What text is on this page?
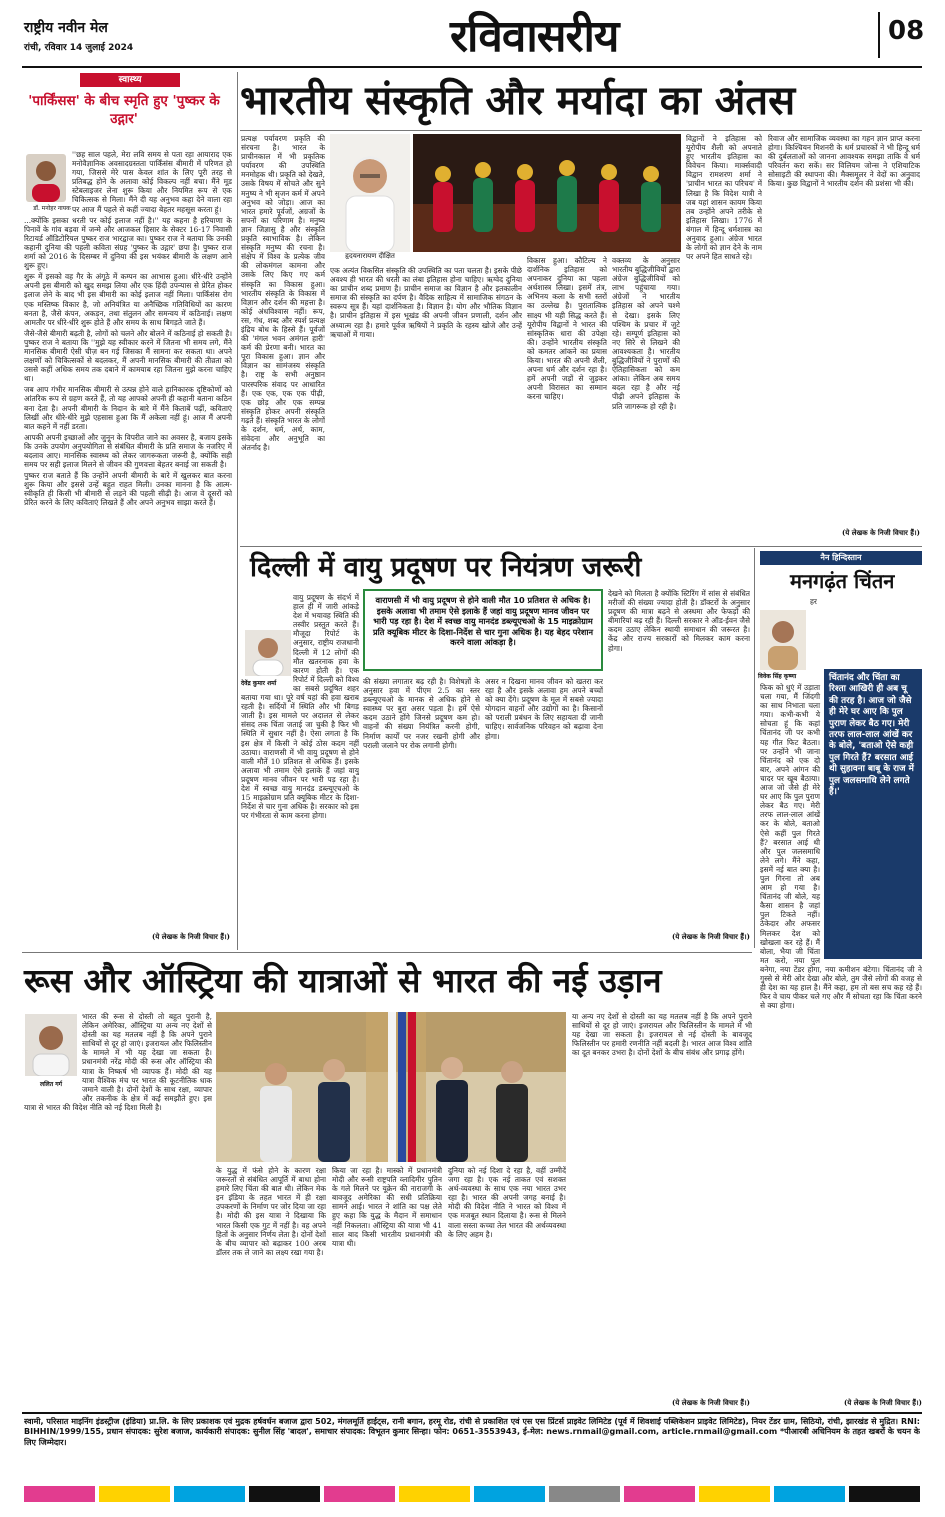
राष्ट्रीय नवीन मेल
रांची, रविवार 14 जुलाई 2024	रविवासरीय	08
स्वास्थ्य
'पार्किंसस' के बीच स्मृति हुए 'पुष्कर के उद्गार'
डॉ. मनोहर नायक

''छह साल पहले, मेरा लवि समय से पता रहा आयाराद एक मनोवैज्ञानिक अवसादग्रस्तता पार्किंसंस बीमारी में परिणत हो गया, जिससे मेरे पास केवल शांत के लिए पूरी तरह से प्रतिबद्ध होने के अलावा कोई विकल्प नहीं बचा। मैंने मूड स्टेबलाइजर लेना शुरू किया और नियमित रूप से एक चिकित्सक से मिला। मैंने दी यह अनुभव कहा देने वाला रहा पर आज मैं पहले से कहीं ज्यादा बेहतर महसूस करता हूं।

...क्योंकि इसका धरती पर कोई इलाज नहीं है।'' यह कहना है हरियाणा के पिनावें के गांव बड़वा में जन्मे और आजकल हिसार के सेक्टर 16-17 निवासी रिटायर्ड ऑडिटोरियल पुष्कर राज भारद्वाज का। पुष्कर राज ने बताया कि उनकी कहानी दुनिया की पहली कविता संग्रह 'पुष्कर के उद्गार' छपा है। पुष्कर राज शर्मा को 2016 के दिसम्बर में दुनिया की इस भयंकर बीमारी के लक्षण आने शुरू हुए।

शुरू में इसको वह गैर के अंगूठे में कम्पन का आभास हुआ। धीरे-धीरे उन्होंने अपनी इस बीमारी को खुद समझ लिया और एक हिंदी उपन्यास से प्रेरित होकर इलाज लेने के बाद भी इस बीमारी का कोई इलाज नहीं मिला। पार्किंसंस रोग एक मस्तिष्क विकार है, जो अनियंत्रित या अनैच्छिक गतिविधियों का कारण बनता है, जैसे कंपन, अकड़न, तथा संतुलन और समन्वय में कठिनाई। लक्षण आमतौर पर धीरे-धीरे शुरू होते हैं और समय के साथ बिगड़ते जाते हैं।

जैसे-जैसे बीमारी बढ़ती है, लोगों को चलने और बोलने में कठिनाई हो सकती है। पुष्कर राज ने बताया कि ''मुझे यह स्वीकार करने में जितना भी समय लगे, मैंने मानसिक बीमारी ऐसी चीज़ बन गई जिसका मैं सामना कर सकता था। अपने लक्षणों को चिकित्सकों से बदलकर, मैं अपनी मानसिक बीमारी की तीव्रता को उससे कहीं अधिक समय तक दबाने में कामयाब रहा जितना मुझे करना चाहिए था।

जब आप गंभीर मानसिक बीमारी से उत्पन्न होने वाले हानिकारक दृष्टिकोणों को आंतरिक रूप से ग्रहण करते हैं, तो यह आपको अपनी ही कहानी बताना कठिन बना देता है। अपनी बीमारी के निदान के बारे में मैंने किताबें पढ़ीं, कविताएं लिखीं और धीरे-धीरे मुझे एहसास हुआ कि मैं अकेला नहीं हूं। आज मैं अपनी बात कहने में नहीं डरता।

आपकी अपनी इच्छाओं और जुनून के विपरीत जाने का अवसर है, बजाय इसके कि उनके उपयोग अनुपयोगिता से संबंधित बीमारी के प्रति समाज के नजरिए में बदलाव आए। मानसिक स्वास्थ्य को लेकर जागरूकता जरूरी है, क्योंकि सही समय पर सही इलाज मिलने से जीवन की गुणवत्ता बेहतर बनाई जा सकती है।

पुष्कर राज बताते हैं कि उन्होंने अपनी बीमारी के बारे में खुलकर बात करना शुरू किया और इससे उन्हें बहुत राहत मिली। उनका मानना है कि आत्म-स्वीकृति ही किसी भी बीमारी से लड़ने की पहली सीढ़ी है। आज वे दूसरों को प्रेरित करने के लिए कविताएं लिखते हैं और अपने अनुभव साझा करते हैं।

(ये लेखक के निजी विचार हैं।)
भारतीय संस्कृति और मर्यादा का अंतस
प्रत्यक्ष पर्यावरण प्रकृति की संरचना है। भारत के प्राचीनकाल में भी प्रकृतिक पर्यावरण की उपस्थिति मनमोहक थी। प्रकृति को देखते, उसके विषय में सोचते और सुने मनुष्य ने भी सृजन कर्म में अपने अनुभव को जोड़ा। आज का भारत हमारे पूर्वजों, अग्रजों के सपनों का परिणाम है। मनुष्य ज्ञान जिज्ञासु है और संस्कृति प्रकृति स्वाभाविक है। लेकिन संस्कृति मनुष्य की रचना है। संक्षेप में विश्व के प्रत्येक जीव की लोकमंगल कामना और उसके लिए किए गए कर्म संस्कृति का विकास हुआ। भारतीय संस्कृति के विकास में विज्ञान और दर्शन की महत्ता है। कोई अंधविश्वास नहीं। रूप, रस, गंध, शब्द और स्पर्श प्रत्यक्ष इंद्रिय बोध के हिस्से हैं। पूर्वजों की 'मंगल भवन अमंगल हारी' कर्म की प्रेरणा बनी। भारत का पूरा विकास हुआ। ज्ञान और विज्ञान का सामंजस्य संस्कृति है। राष्ट्र के सभी अनुष्ठान पारस्परिक संवाद पर आधारित हैं। एक एक, एक एक पीढ़ी, एक छोड़ और एक सम्पन्न संस्कृति होकर अपनी संस्कृति गढ़ते हैं। संस्कृति भारत के लोगों के दर्शन, धर्म, अर्थ, काम, संवेदना और अनुभूति का अंतर्नाद है।
हृदयनारायण दीक्षित	विकास हुआ। कौटिल्य ने दार्शनिक इतिहास को अपनाकर दुनिया का पहला अर्थशास्त्र लिखा। इसमें तंत्र, अभिनय कला के सभी स्तरों का उल्लेख है। पुरातात्विक साक्ष्य भी यही सिद्ध करते हैं। यूरोपीय विद्वानों ने भारत की सांस्कृतिक धारा की उपेक्षा की। उन्होंने भारतीय संस्कृति को कमतर आंकने का प्रयास किया। भारत की अपनी शैली, अपना धर्म और दर्शन रहा है। हमें अपनी जड़ों से जुड़कर अपनी विरासत का सम्मान करना चाहिए।
एक अत्यंत विकसित संस्कृति की उपस्थिति का पता चलता है। इसके पीछे अवश्य ही भारत की धरती का लंबा इतिहास होना चाहिए। ऋग्वेद दुनिया का प्राचीन शब्द प्रमाण है। प्राचीन समाज का विज्ञान है और इतकालीन समाज की संस्कृति का दर्पण है। वैदिक साहित्य में सामाजिक संगठन के स्वरूप सूत्र हैं। यहां दार्शनिकता है। विज्ञान है। योग और भौतिक विज्ञान है। प्राचीन इतिहास में इस भूखंड की अपनी जीवन प्रणाली, दर्शन और अध्यात्म रहा है। हमारे पूर्वज ऋषियों ने प्रकृति के रहस्य खोजे और उन्हें ऋचाओं में गाया।
वक्तव्य के अनुसार भारतीय बुद्धिजीवियों द्वारा अंग्रेज बुद्धिजीवियों को लाभ पहुंचाया गया। अंग्रेजों ने भारतीय इतिहास को अपने चश्मे से देखा। इसके लिए पश्चिम के प्रचार में जुटे रहे। सम्पूर्ण इतिहास को नए सिरे से लिखने की आवश्यकता है। भारतीय बुद्धिजीवियों ने पुराणों की ऐतिहासिकता को कम आंका। लेकिन अब समय बदल रहा है और नई पीढ़ी अपने इतिहास के प्रति जागरूक हो रही है।
विद्वानों ने इतिहास को यूरोपीय शैली को अपनाते हुए भारतीय इतिहास का विवेचन किया। मार्क्सवादी विद्वान रामशरण शर्मा ने 'प्राचीन भारत का परिचय' में लिखा है कि विदेश यात्री ने जब यहां शासन कायम किया तब उन्होंने अपने तरीके से इतिहास लिखा। 1776 में बंगाल में हिन्दू धर्मशास्त्र का अनुवाद हुआ। अंग्रेज भारत के लोगों को ज्ञान देने के नाम पर अपने हित साधते रहे।
रिवाज और सामाजिक व्यवस्था का गहन ज्ञान प्राप्त करना होगा। किश्चियन मिशनरी के धर्म प्रचारकों ने भी हिन्दू धर्म की दुर्बलताओं को जानना आवश्यक समझा ताकि वे धर्म परिवर्तन करा सकें। सर विलियम जोन्स ने एशियाटिक सोसाइटी की स्थापना की। मैक्समूलर ने वेदों का अनुवाद किया। कुछ विद्वानों ने भारतीय दर्शन की प्रशंसा भी की।
(ये लेखक के निजी विचार हैं।)
दिल्ली में वायु प्रदूषण पर नियंत्रण जरूरी
देवेंद्र कुमार शर्मा
वायु प्रदूषण के संदर्भ में हाल ही में जारी आंकड़े देश में भयावह स्थिति की तस्वीर प्रस्तुत करते हैं। मौजूदा रिपोर्ट के अनुसार, राष्ट्रीय राजधानी दिल्ली में 12 लोगों की मौत खतरनाक हवा के कारण होती है। एक रिपोर्ट में दिल्ली को विश्व का सबसे प्रदूषित शहर बताया गया था। पूरे वर्ष यहां की हवा खराब रहती है। सर्दियों में स्थिति और भी बिगड़ जाती है। इस मामले पर अदालत से लेकर संसद तक चिंता जताई जा चुकी है फिर भी स्थिति में सुधार नहीं है। ऐसा लगता है कि इस क्षेत्र में किसी ने कोई ठोस कदम नहीं उठाया। वाराणसी में भी वायु प्रदूषण से होने वाली मौतें 10 प्रतिशत से अधिक हैं। इसके अलावा भी तमाम ऐसे इलाके हैं जहां वायु प्रदूषण मानव जीवन पर भारी पड़ रहा है। देश में स्वच्छ वायु मानदंड डब्ल्यूएचओ के 15 माइक्रोग्राम प्रति क्यूबिक मीटर के दिशा-निर्देश से चार गुना अधिक है। सरकार को इस पर गंभीरता से काम करना होगा।
वाराणसी में भी वायु प्रदूषण से होने वाली मौत 10 प्रतिशत से अधिक है। इसके अलावा भी तमाम ऐसे इलाके हैं जहां वायु प्रदूषण मानव जीवन पर भारी पड़ रहा है। देश में स्वच्छ वायु मानदंड डब्ल्यूएचओ के 15 माइक्रोग्राम प्रति क्यूबिक मीटर के दिशा-निर्देश से चार गुना अधिक है। यह बेहद परेशान करने वाला आंकड़ा है।
की संख्या लगातार बढ़ रही है। विशेषज्ञों के अनुसार हवा में पीएम 2.5 का स्तर डब्ल्यूएचओ के मानक से अधिक होने से स्वास्थ्य पर बुरा असर पड़ता है। हमें ऐसे कदम उठाने होंगे जिनसे प्रदूषण कम हो। वाहनों की संख्या नियंत्रित करनी होगी, निर्माण कार्यों पर नजर रखनी होगी और पराली जलाने पर रोक लगानी होगी।
असर न दिखना मानव जीवन को खतरा कर रहा है और इसके अलावा हम अपने बच्चों को क्या देंगे। प्रदूषण के मूल में सबसे ज्यादा योगदान वाहनों और उद्योगों का है। किसानों को पराली प्रबंधन के लिए सहायता दी जानी चाहिए। सार्वजनिक परिवहन को बढ़ावा देना होगा।
देखने को मिलता है क्योंकि स्टिरिंग में सांस से संबंधित मरीजों की संख्या ज्यादा होती है। डॉक्टरों के अनुसार प्रदूषण की मात्रा बढ़ने से अस्थमा और फेफड़ों की बीमारियां बढ़ रही हैं। दिल्ली सरकार ने ऑड-ईवन जैसे कदम उठाए लेकिन स्थायी समाधान की जरूरत है। केंद्र और राज्य सरकारों को मिलकर काम करना होगा।
(ये लेखक के निजी विचार हैं।)
नैन हिन्दिस्तान
मनगढ़ंत चिंतन
विवेक सिंह कृष्णा	चिंतानंद और चिंता का रिश्ता आखिरी ही अब चू की तरह है। आज जो जैसे ही मेरे घर आए कि पुल पुराण लेकर बैठ गए। मेरी तरफ लाल-लाल आंखें कर के बोले, 'बताओ ऐसे कही पुल गिरते हैं? बरसात आई थी सुहावना बाबू के राज में पुल जलसमाधि लेने लगते हैं।'
हर फिक को धुएं में उड़ाता चला गया, मैं जिंदगी का साथ निभाता चला गया। कभी-कभी ये सोचता हूं कि कहां चिंतानंद जी पर कभी यह गीत फिट बैठता। पर उन्होंने भी जाना चिंतानंद को एक दो बार, अपने आंगन की चादर पर खूब बैठाया। आज जो जैसे ही मेरे घर आए कि पुल पुराण लेकर बैठ गए। मेरी तरफ लाल-लाल आंखें कर के बोले, बताओ ऐसे कहीं पुल गिरते हैं? बरसात आई थी और पुल जलसमाधि लेने लगे। मैंने कहा, इसमें नई बात क्या है। पुल गिरना तो अब आम हो गया है। चिंतानंद जी बोले, यह कैसा शासन है जहां पुल टिकते नहीं। ठेकेदार और अफसर मिलकर देश को खोखला कर रहे हैं। मैं बोला, भैया जी चिंता मत करो, नया पुल बनेगा, नया टेंडर होगा, नया कमीशन बंटेगा। चिंतानंद जी ने गुस्से से मेरी ओर देखा और बोले, तुम जैसे लोगों की वजह से ही देश का यह हाल है। मैंने कहा, हम तो बस सच कह रहे हैं। फिर वे चाय पीकर चले गए और मैं सोचता रहा कि चिंता करने से क्या होगा।
(ये लेखक के निजी विचार हैं।)
रूस और ऑस्ट्रिया की यात्राओं से भारत की नई उड़ान
भारत की रूस से दोस्ती तो बहुत पुरानी है, लेकिन अमेरिका, ऑस्ट्रिया या अन्य नए देशों से दोस्ती का यह मतलब नहीं है कि अपने पुराने साथियों से दूर हो जाएं। इजरायल और फिलिस्तीन के मामले में भी यह देखा जा सकता है। प्रधानमंत्री नरेंद्र मोदी की रूस और ऑस्ट्रिया की यात्रा के निष्कर्ष भी व्यापक हैं। मोदी की यह यात्रा वैश्विक मंच पर भारत की कूटनीतिक धाक जमाने वाली है। दोनों देशों के साथ रक्षा, व्यापार और तकनीक के क्षेत्र में कई समझौते हुए। इस यात्रा से भारत की विदेश नीति को नई दिशा मिली है।
ललित गर्ग
के युद्ध में फंसे होने के कारण रक्षा जरूरतों से संबंधित आपूर्ति में बाधा होना हमारे लिए चिंता की बात थी। लेकिन मेक इन इंडिया के तहत भारत में ही रक्षा उपकरणों के निर्माण पर जोर दिया जा रहा है। मोदी की इस यात्रा ने दिखाया कि भारत किसी एक गुट में नहीं है। वह अपने हितों के अनुसार निर्णय लेता है। दोनों देशों के बीच व्यापार को बढ़ाकर 100 अरब डॉलर तक ले जाने का लक्ष्य रखा गया है।
किया जा रहा है। मास्को में प्रधानमंत्री मोदी और रूसी राष्ट्रपति व्लादिमीर पुतिन के गले मिलने पर यूक्रेन की नाराजगी के बावजूद अमेरिका की सधी प्रतिक्रिया सामने आई। भारत ने शांति का पक्ष लेते हुए कहा कि युद्ध के मैदान में समाधान नहीं निकलता। ऑस्ट्रिया की यात्रा भी 41 साल बाद किसी भारतीय प्रधानमंत्री की यात्रा थी।
दुनिया को नई दिशा दे रहा है, वहीं उम्मीदें जगा रहा है। एक नई ताकत एवं सशक्त अर्थ-व्यवस्था के साथ एक नया भारत उभर रहा है। भारत की अपनी जगह बनाई है। मोदी की विदेश नीति ने भारत को विश्व में एक मजबूत स्थान दिलाया है। रूस से मिलने वाला सस्ता कच्चा तेल भारत की अर्थव्यवस्था के लिए अहम है।
या अन्य नए देशों से दोस्ती का यह मतलब नहीं है कि अपने पुराने साथियों से दूर हो जाएं। इजरायल और फिलिस्तीन के मामले में भी यह देखा जा सकता है। इजरायल से नई दोस्ती के बावजूद फिलिस्तीन पर हमारी रणनीति नहीं बदली है। भारत आज विश्व शांति का दूत बनकर उभरा है। दोनों देशों के बीच संबंध और प्रगाढ़ होंगे।
(ये लेखक के निजी विचार हैं।)
स्वामी, परिसात माइनिंग इंडस्ट्रीज (इंडिया) प्रा.लि. के लिए प्रकाशक एवं मुद्रक हर्षवर्धन बजाज द्वारा 502, मंगलमूर्ति हाईट्स, रानी बगान, हरमू रोड, रांची से प्रकाशित एवं एस एस प्रिंटर्स प्राइवेट लिमिटेड (पूर्व में शिवशाई पब्लिकेशन प्राइवेट लिमिटेड), नियर टेंडर ग्राम, सिठियो, रांची, झारखंड से मुद्रित। RNI: BIHHIN/1999/155, प्रधान संपादक: सुरेश बजाज, कार्यकारी संपादक: सुनील सिंह 'बादल', समाचार संपादक: विभूतन कुमार सिन्हा। फोन: 0651-3553943, ई-मेल: news.rnmail@gmail.com, article.rnmail@gmail.com *पीआरबी अधिनियम के तहत खबरों के चयन के लिए जिम्मेदार।
